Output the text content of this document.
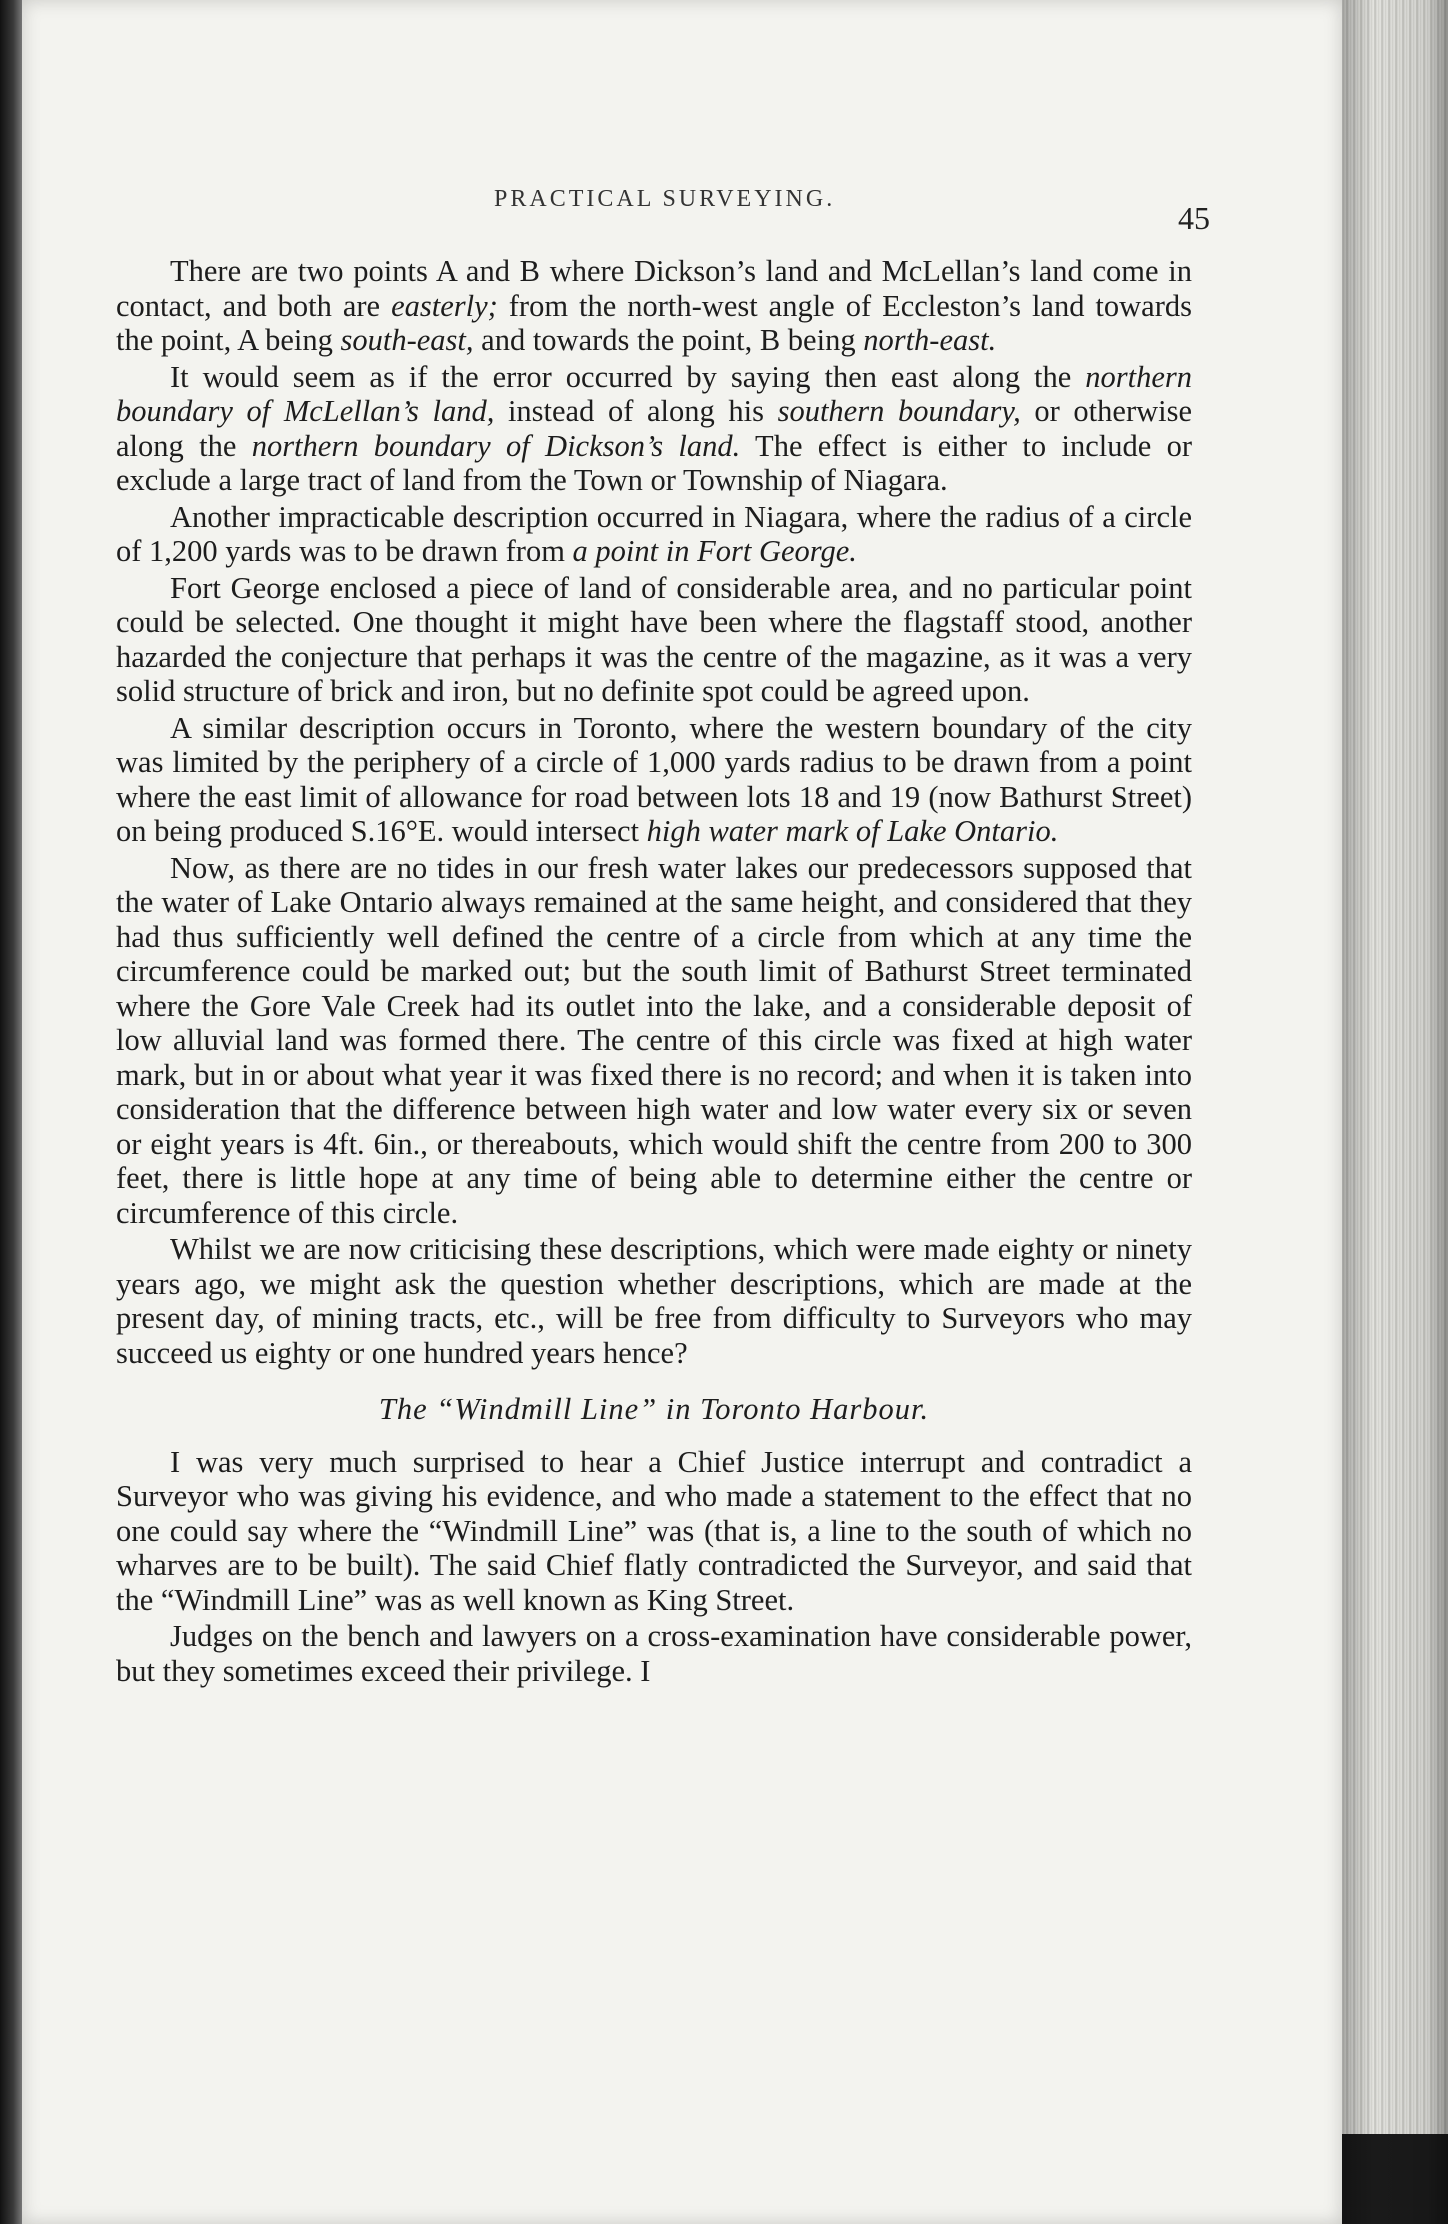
PRACTICAL SURVEYING.
45

There are two points A and B where Dickson’s land and McLellan’s land come in contact, and both are easterly; from the north-west angle of Eccleston’s land towards the point, A being south-east, and towards the point, B being north-east.

It would seem as if the error occurred by saying then east along the northern boundary of McLellan’s land, instead of along his southern boundary, or otherwise along the northern boundary of Dickson’s land. The effect is either to include or exclude a large tract of land from the Town or Township of Niagara.

Another impracticable description occurred in Niagara, where the radius of a circle of 1,200 yards was to be drawn from a point in Fort George.

Fort George enclosed a piece of land of considerable area, and no particular point could be selected. One thought it might have been where the flagstaff stood, another hazarded the conjecture that perhaps it was the centre of the magazine, as it was a very solid structure of brick and iron, but no definite spot could be agreed upon.

A similar description occurs in Toronto, where the western boundary of the city was limited by the periphery of a circle of 1,000 yards radius to be drawn from a point where the east limit of allowance for road between lots 18 and 19 (now Bathurst Street) on being produced S.16°E. would intersect high water mark of Lake Ontario.

Now, as there are no tides in our fresh water lakes our predecessors supposed that the water of Lake Ontario always remained at the same height, and considered that they had thus sufficiently well defined the centre of a circle from which at any time the circumference could be marked out; but the south limit of Bathurst Street terminated where the Gore Vale Creek had its outlet into the lake, and a considerable deposit of low alluvial land was formed there. The centre of this circle was fixed at high water mark, but in or about what year it was fixed there is no record; and when it is taken into consideration that the difference between high water and low water every six or seven or eight years is 4ft. 6in., or thereabouts, which would shift the centre from 200 to 300 feet, there is little hope at any time of being able to determine either the centre or circumference of this circle.

Whilst we are now criticising these descriptions, which were made eighty or ninety years ago, we might ask the question whether descriptions, which are made at the present day, of mining tracts, etc., will be free from difficulty to Surveyors who may succeed us eighty or one hundred years hence?

The “Windmill Line” in Toronto Harbour.

I was very much surprised to hear a Chief Justice interrupt and contradict a Surveyor who was giving his evidence, and who made a statement to the effect that no one could say where the “Windmill Line” was (that is, a line to the south of which no wharves are to be built). The said Chief flatly contradicted the Surveyor, and said that the “Windmill Line” was as well known as King Street.

Judges on the bench and lawyers on a cross-examination have considerable power, but they sometimes exceed their privilege. I
